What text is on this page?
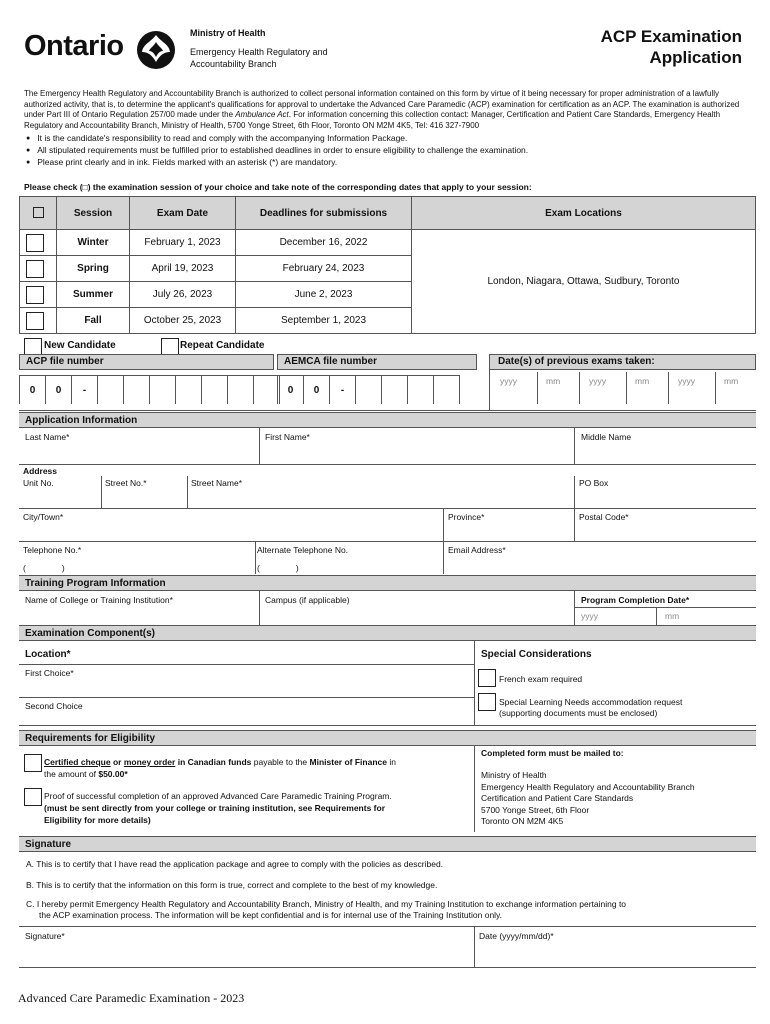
Ontario	Ministry of Health
Emergency Health Regulatory and
Accountability Branch
ACP Examination
Application
The Emergency Health Regulatory and Accountability Branch is authorized to collect personal information contained on this form by virtue of it being necessary for proper administration of a lawfully authorized activity, that is, to determine the applicant's qualifications for approval to undertake the Advanced Care Paramedic (ACP) examination for certification as an ACP. The examination is authorized under Part III of Ontario Regulation 257/00 made under the Ambulance Act. For information concerning this collection contact: Manager, Certification and Patient Care Standards, Emergency Health Regulatory and Accountability Branch, Ministry of Health, 5700 Yonge Street, 6th Floor, Toronto ON M2M 4K5, Tel: 416 327-7900
● It is the candidate's responsibility to read and comply with the accompanying Information Package.
● All stipulated requirements must be fulfilled prior to established deadlines in order to ensure eligibility to challenge the examination.
● Please print clearly and in ink. Fields marked with an asterisk (*) are mandatory.
Please check (□) the examination session of your choice and take note of the corresponding dates that apply to your session:
	Session	Exam Date	Deadlines for submissions	Exam Locations
	Winter	February 1, 2023	December 16, 2022	London, Niagara, Ottawa, Sudbury, Toronto
	Spring	April 19, 2023	February 24, 2023	
	Summer	July 26, 2023	June 2, 2023	
	Fall	October 25, 2023	September 1, 2023	
New Candidate	Repeat Candidate
ACP file number
0	0	-
AEMCA file number
0	0	-
Date(s) of previous exams taken:
yyyy	mm	yyyy	mm	yyyy	mm
Application Information
Last Name*	First Name*	Middle Name
Address
Unit No.	Street No.*	Street Name*	PO Box
City/Town*	Province*	Postal Code*
Telephone No.*
(	)
Alternate Telephone No.
(	)
Email Address*
Training Program Information
Name of College or Training Institution*	Campus (if applicable)	Program Completion Date*
yyyy	mm
Examination Component(s)
Location*
First Choice*
Second Choice
Special Considerations
French exam required
Special Learning Needs accommodation request
(supporting documents must be enclosed)
Requirements for Eligibility
Certified cheque or money order in Canadian funds payable to the Minister of Finance in
the amount of $50.00*
Proof of successful completion of an approved Advanced Care Paramedic Training Program.
(must be sent directly from your college or training institution, see Requirements for
Eligibility for more details)
Completed form must be mailed to:
Ministry of Health
Emergency Health Regulatory and Accountability Branch
Certification and Patient Care Standards
5700 Yonge Street, 6th Floor
Toronto ON M2M 4K5
Signature
A. This is to certify that I have read the application package and agree to comply with the policies as described.
B. This is to certify that the information on this form is true, correct and complete to the best of my knowledge.
C. I hereby permit Emergency Health Regulatory and Accountability Branch, Ministry of Health, and my Training Institution to exchange information pertaining to
the ACP examination process. The information will be kept confidential and is for internal use of the Training Institution only.
Signature*	Date (yyyy/mm/dd)*
Advanced Care Paramedic Examination - 2023
